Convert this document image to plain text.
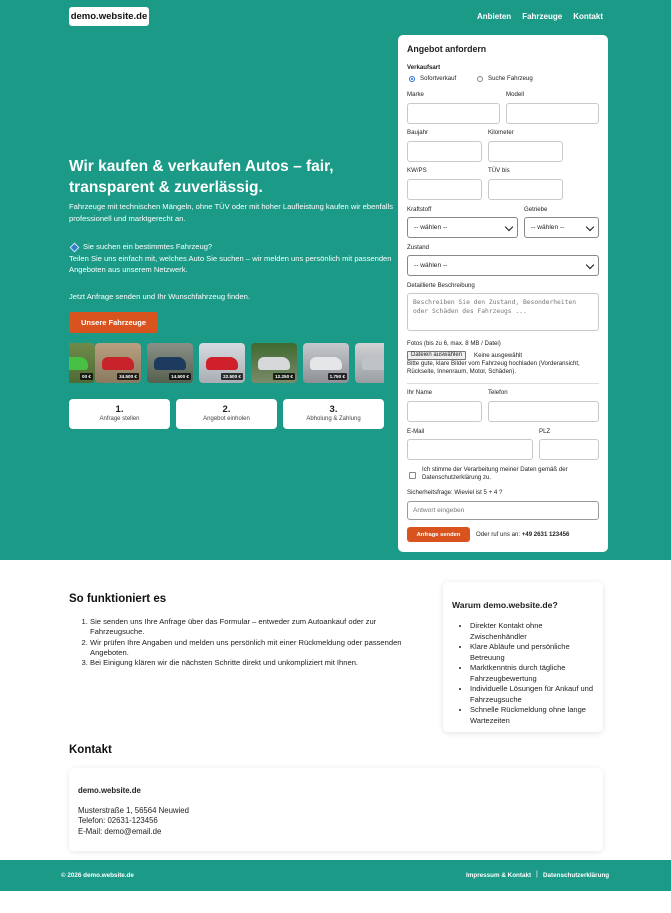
demo.website.de	Anbieten Fahrzeuge Kontakt
Wir kaufen & verkaufen Autos – fair, transparent & zuverlässig.
Fahrzeuge mit technischen Mängeln, ohne TÜV oder mit hoher Laufleistung kaufen wir ebenfalls professionell und marktgerecht an.
Sie suchen ein bestimmtes Fahrzeug?
Teilen Sie uns einfach mit, welches Auto Sie suchen – wir melden uns persönlich mit passenden Angeboten aus unserem Netzwerk.
Jetzt Anfrage senden und Ihr Wunschfahrzeug finden.
Unsere Fahrzeuge
00 €	34.500 €	14.500 €	22.500 €	12.250 €	1.750 €
1.
Anfrage stellen
2.
Angebot einholen
3.
Abholung & Zahlung
Angebot anfordern
Verkaufsart
Sofortverkauf	Suche Fahrzeug
Marke	Modell
Baujahr	Kilometer
KW/PS	TÜV bis
Kraftstoff
-- wählen --
Getriebe
-- wählen --
Zustand
-- wählen --
Detaillierte Beschreibung
Beschreiben Sie den Zustand, Besonderheiten oder Schäden des Fahrzeugs ...
Fotos (bis zu 6, max. 8 MB / Datei)
Dateien auswählen	Keine ausgewählt
Bitte gute, klare Bilder vom Fahrzeug hochladen (Vorderansicht, Rückseite, Innenraum, Motor, Schäden).
Ihr Name	Telefon
E-Mail	PLZ
Ich stimme der Verarbeitung meiner Daten gemäß der Datenschutzerklärung zu.
Sicherheitsfrage: Wieviel ist 5 + 4 ?
Antwort eingeben
Anfrage senden	Oder ruf uns an: +49 2631 123456
So funktioniert es
1. Sie senden uns Ihre Anfrage über das Formular – entweder zum Autoankauf oder zur Fahrzeugsuche.
2. Wir prüfen Ihre Angaben und melden uns persönlich mit einer Rückmeldung oder passenden Angeboten.
3. Bei Einigung klären wir die nächsten Schritte direkt und unkompliziert mit Ihnen.
Warum demo.website.de?
• Direkter Kontakt ohne Zwischenhändler
• Klare Abläufe und persönliche Betreuung
• Marktkenntnis durch tägliche Fahrzeugbewertung
• Individuelle Lösungen für Ankauf und Fahrzeugsuche
• Schnelle Rückmeldung ohne lange Wartezeiten
Kontakt
demo.website.de
Musterstraße 1, 56564 Neuwied
Telefon: 02631-123456
E-Mail: demo@email.de
© 2026 demo.website.de	Impressum & Kontakt | Datenschutzerklärung
